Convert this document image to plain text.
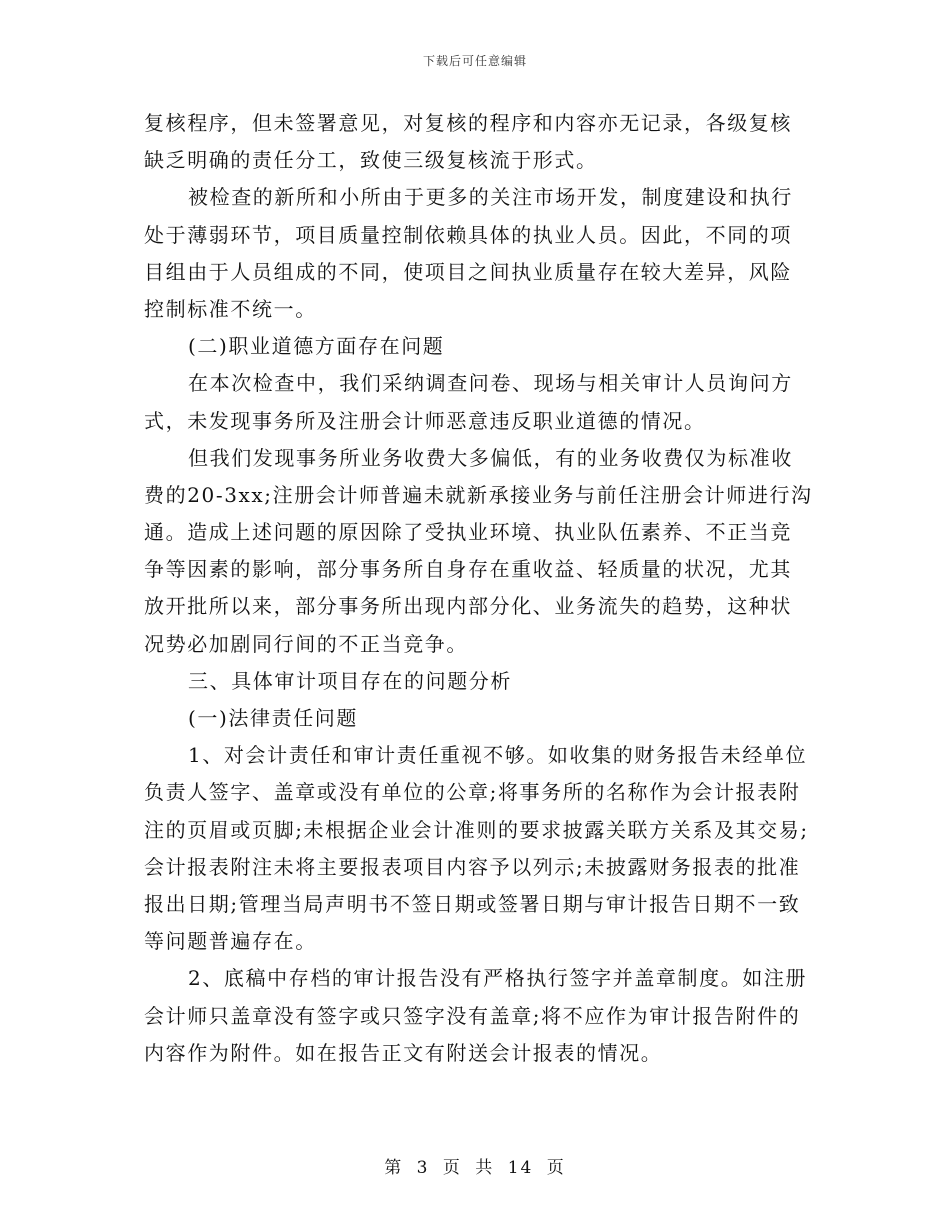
下载后可任意编辑
复核程序，但未签署意见，对复核的程序和内容亦无记录，各级复核
缺乏明确的责任分工，致使三级复核流于形式。
被检查的新所和小所由于更多的关注市场开发，制度建设和执行
处于薄弱环节，项目质量控制依赖具体的执业人员。因此，不同的项
目组由于人员组成的不同，使项目之间执业质量存在较大差异，风险
控制标准不统一。
(二)职业道德方面存在问题
在本次检查中，我们采纳调查问卷、现场与相关审计人员询问方
式，未发现事务所及注册会计师恶意违反职业道德的情况。
但我们发现事务所业务收费大多偏低，有的业务收费仅为标准收
费的20-3xx;注册会计师普遍未就新承接业务与前任注册会计师进行沟
通。造成上述问题的原因除了受执业环境、执业队伍素养、不正当竞
争等因素的影响，部分事务所自身存在重收益、轻质量的状况，尤其
放开批所以来，部分事务所出现内部分化、业务流失的趋势，这种状
况势必加剧同行间的不正当竞争。
三、具体审计项目存在的问题分析
(一)法律责任问题
1、对会计责任和审计责任重视不够。如收集的财务报告未经单位
负责人签字、盖章或没有单位的公章;将事务所的名称作为会计报表附
注的页眉或页脚;未根据企业会计准则的要求披露关联方关系及其交易;
会计报表附注未将主要报表项目内容予以列示;未披露财务报表的批准
报出日期;管理当局声明书不签日期或签署日期与审计报告日期不一致
等问题普遍存在。
2、底稿中存档的审计报告没有严格执行签字并盖章制度。如注册
会计师只盖章没有签字或只签字没有盖章;将不应作为审计报告附件的
内容作为附件。如在报告正文有附送会计报表的情况。
第 3 页 共 14 页
